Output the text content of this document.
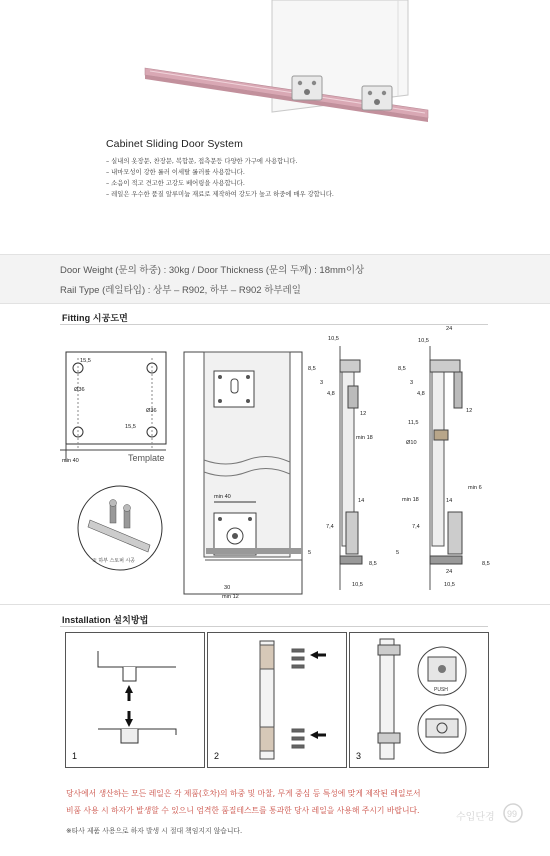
Cabinet Sliding Door System
– 실내의 옷장문, 찬장문, 복합문, 접측문등 다양한 가구에 사용합니다.
– 내마모성이 강한 롤러 이세탈 롤러를 사용합니다.
– 소음이 적고 견고한 고강도 베어링을 사용합니다.
– 레일은 우수한 품질 알루미늄 재료로 제작하여 강도가 높고 하중에 매우 강합니다.
Door Weight (문의 하중) : 30kg / Door Thickness (문의 두께) : 18mm이상
Rail Type (레일타입) : 상부 – R902, 하부 – R902 하부레일
Fitting 시공도면
15,5
15,5
Ø36
Ø36
min 40	Template
※ 하부 스토퍼 시공
min 40
30
min 12
10,5
8,5
3
4,8
12
min 18
14
7,4
5
8,5
10,5
24
10,5
8,5
3
4,8
12
11,5
Ø10
min 6
min 18	14
7,4
5
24
8,5
10,5
Installation 설치방법
1	2
PUSH
3
당사에서 생산하는 모든 레일은 각 제품(호차)의 하중 및 마찰, 무게 중심 등 특성에 맞게 제작된 레일로서
비품 사용 시 하자가 발생할 수 있으니 엄격한 품질테스트를 통과한 당사 레일을 사용해 주시기 바랍니다.
※타사 제품 사용으로 하자 발생 시 절대 책임지지 않습니다.
수입단경 99
